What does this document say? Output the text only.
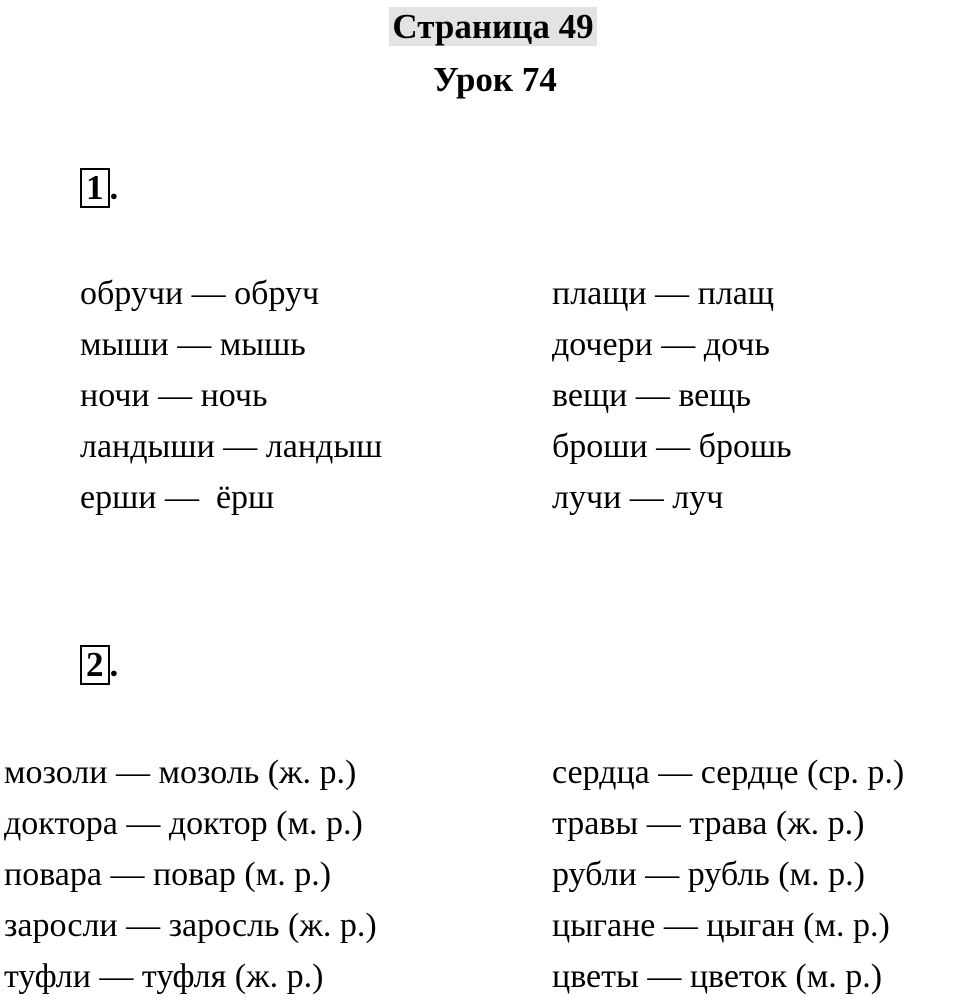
Страница 49
Урок 74
1 .
обручи — обруч
мыши — мышь
ночи — ночь
ландыши — ландыш
ерши —  ёрш
плащи — плащ
дочери — дочь
вещи — вещь
броши — брошь
лучи — луч
2 .
мозоли — мозоль (ж. р.)
доктора — доктор (м. р.)
повара — повар (м. р.)
заросли — заросль (ж. р.)
туфли — туфля (ж. р.)
сердца — сердце (ср. р.)
травы — трава (ж. р.)
рубли — рубль (м. р.)
цыгане — цыган (м. р.)
цветы — цветок (м. р.)
